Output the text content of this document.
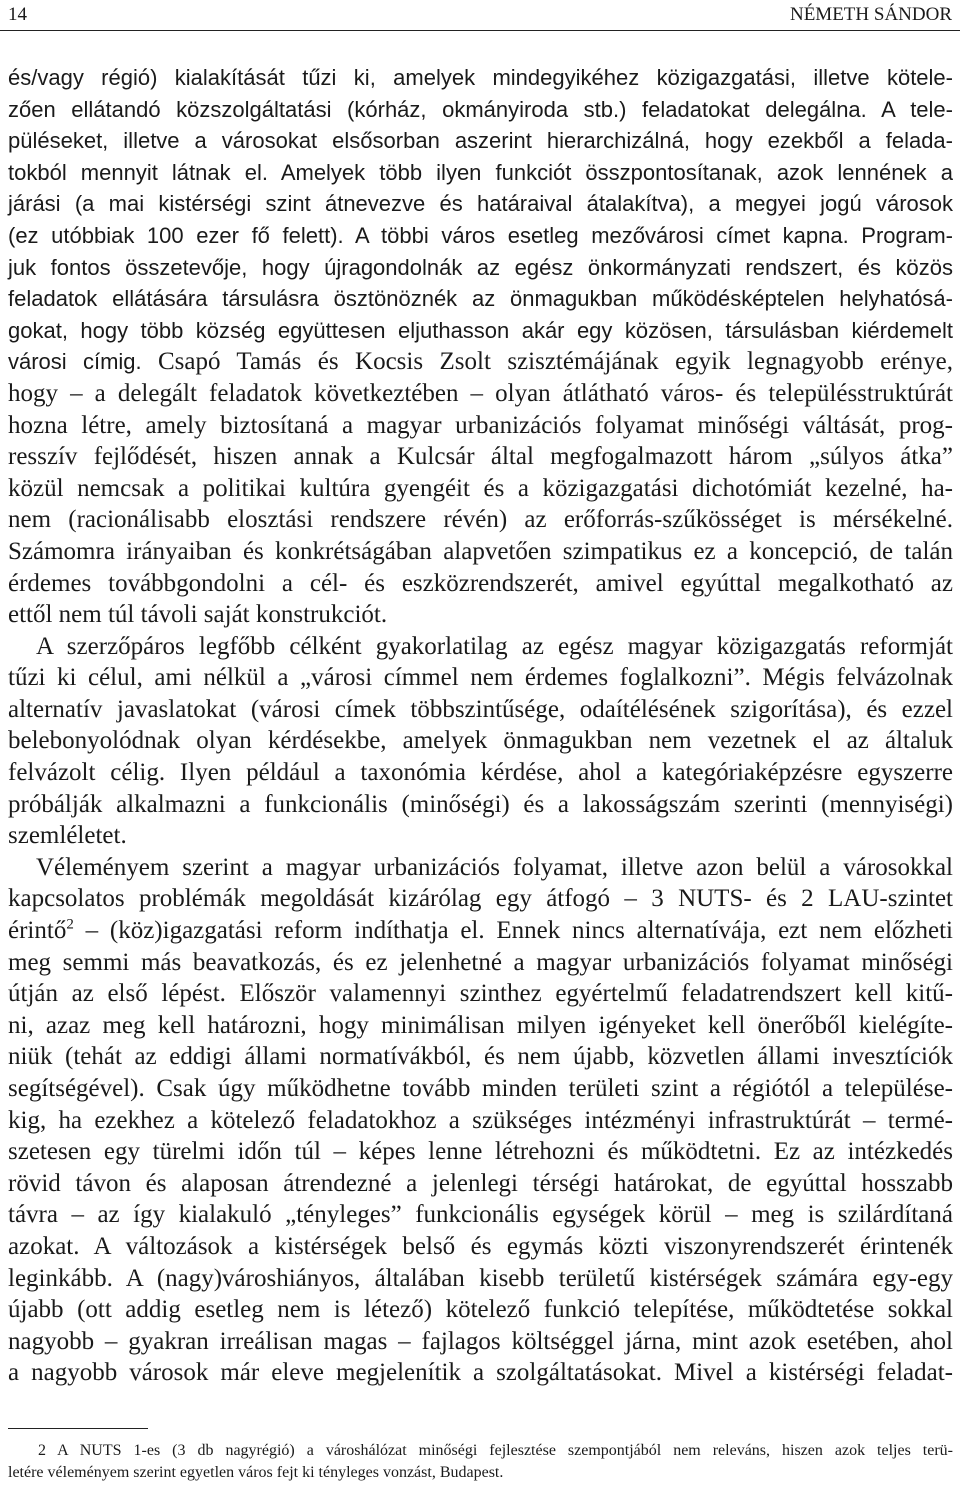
14	NÉMETH SÁNDOR
és/vagy régió) kialakítását tűzi ki, amelyek mindegyikéhez közigazgatási, illetve kötele-
zően ellátandó közszolgáltatási (kórház, okmányiroda stb.) feladatokat delegálna. A tele-
püléseket, illetve a városokat elsősorban aszerint hierarchizálná, hogy ezekből a felada-
tokból mennyit látnak el. Amelyek több ilyen funkciót összpontosítanak, azok lennének a
járási (a mai kistérségi szint átnevezve és határaival átalakítva), a megyei jogú városok
(ez utóbbiak 100 ezer fő felett). A többi város esetleg mezővárosi címet kapna. Program-
juk fontos összetevője, hogy újragondolnák az egész önkormányzati rendszert, és közös
feladatok ellátására társulásra ösztönöznék az önmagukban működésképtelen helyhatósá-
gokat, hogy több község együttesen eljuthasson akár egy közösen, társulásban kiérdemelt
városi címig. Csapó Tamás és Kocsis Zsolt szisztémájának egyik legnagyobb erénye,
hogy – a delegált feladatok következtében – olyan átlátható város- és településstruktúrát
hozna létre, amely biztosítaná a magyar urbanizációs folyamat minőségi váltását, prog-
resszív fejlődését, hiszen annak a Kulcsár által megfogalmazott három „súlyos átka”
közül nemcsak a politikai kultúra gyengéit és a közigazgatási dichotómiát kezelné, ha-
nem (racionálisabb elosztási rendszere révén) az erőforrás-szűkösséget is mérsékelné.
Számomra irányaiban és konkrétságában alapvetően szimpatikus ez a koncepció, de talán
érdemes továbbgondolni a cél- és eszközrendszerét, amivel egyúttal megalkotható az
ettől nem túl távoli saját konstrukciót.
A szerzőpáros legfőbb célként gyakorlatilag az egész magyar közigazgatás reformját
tűzi ki célul, ami nélkül a „városi címmel nem érdemes foglalkozni”. Mégis felvázolnak
alternatív javaslatokat (városi címek többszintűsége, odaítélésének szigorítása), és ezzel
belebonyolódnak olyan kérdésekbe, amelyek önmagukban nem vezetnek el az általuk
felvázolt célig. Ilyen például a taxonómia kérdése, ahol a kategóriaképzésre egyszerre
próbálják alkalmazni a funkcionális (minőségi) és a lakosságszám szerinti (mennyiségi)
szemléletet.
Véleményem szerint a magyar urbanizációs folyamat, illetve azon belül a városokkal
kapcsolatos problémák megoldását kizárólag egy átfogó – 3 NUTS- és 2 LAU-szintet
érintő$^2$ – (köz)igazgatási reform indíthatja el. Ennek nincs alternatívája, ezt nem előzheti
meg semmi más beavatkozás, és ez jelenhetné a magyar urbanizációs folyamat minőségi
útján az első lépést. Először valamennyi szinthez egyértelmű feladatrendszert kell kitű-
ni, azaz meg kell határozni, hogy minimálisan milyen igényeket kell önerőből kielégíte-
niük (tehát az eddigi állami normatívákból, és nem újabb, közvetlen állami invesztíciók
segítségével). Csak úgy működhetne tovább minden területi szint a régiótól a települése-
kig, ha ezekhez a kötelező feladatokhoz a szükséges intézményi infrastruktúrát – termé-
szetesen egy türelmi időn túl – képes lenne létrehozni és működtetni. Ez az intézkedés
rövid távon és alaposan átrendezné a jelenlegi térségi határokat, de egyúttal hosszabb
távra – az így kialakuló „tényleges” funkcionális egységek körül – meg is szilárdítaná
azokat. A változások a kistérségek belső és egymás közti viszonyrendszerét érintenék
leginkább. A (nagy)városhiányos, általában kisebb területű kistérségek számára egy-egy
újabb (ott addig esetleg nem is létező) kötelező funkció telepítése, működtetése sokkal
nagyobb – gyakran irreálisan magas – fajlagos költséggel járna, mint azok esetében, ahol
a nagyobb városok már eleve megjelenítik a szolgáltatásokat. Mivel a kistérségi feladat-
2 A NUTS 1-es (3 db nagyrégió) a városhálózat minőségi fejlesztése szempontjából nem releváns, hiszen azok teljes terü-
letére véleményem szerint egyetlen város fejt ki tényleges vonzást, Budapest.
